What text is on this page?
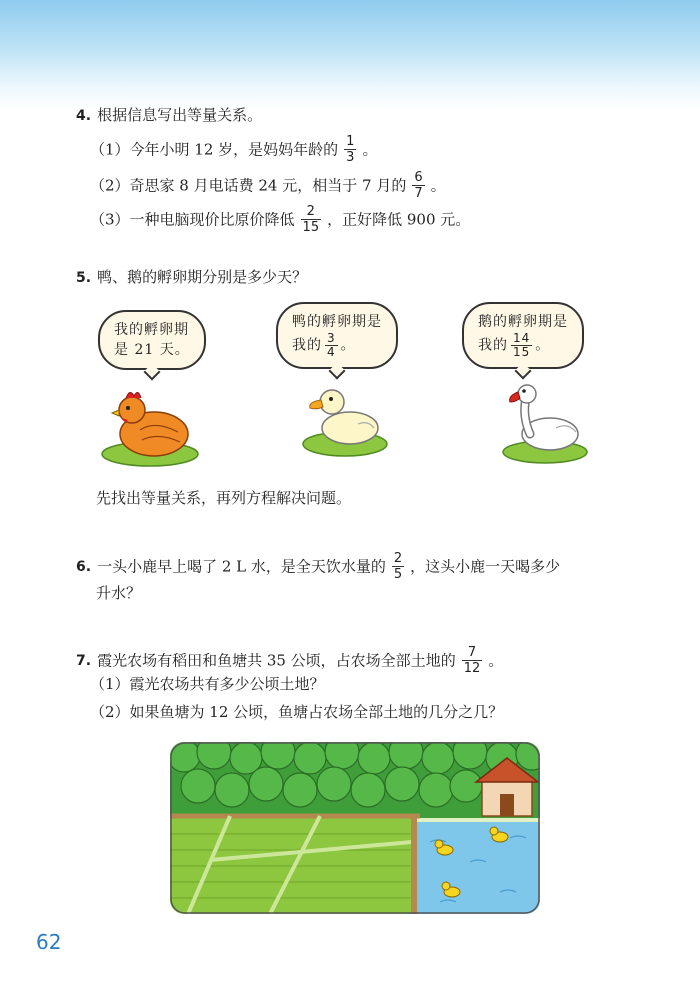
4. 根据信息写出等量关系。
（1）今年小明 12 岁，是妈妈年龄的 $\frac{1}{3}$ 。
（2）奇思家 8 月电话费 24 元，相当于 7 月的 $\frac{6}{7}$ 。
（3）一种电脑现价比原价降低 $\frac{2}{15}$ ，正好降低 900 元。
5. 鸭、鹅的孵卵期分别是多少天？
我的孵卵期
是 21 天。
鸭的孵卵期是
我的 $\frac{3}{4}$ 。
鹅的孵卵期是
我的 $\frac{14}{15}$ 。
先找出等量关系，再列方程解决问题。
6. 一头小鹿早上喝了 2 L 水，是全天饮水量的 $\frac{2}{5}$ ，这头小鹿一天喝多少
升水？
7. 霞光农场有稻田和鱼塘共 35 公顷，占农场全部土地的 $\frac{7}{12}$ 。
（1）霞光农场共有多少公顷土地？
（2）如果鱼塘为 12 公顷，鱼塘占农场全部土地的几分之几？
62
